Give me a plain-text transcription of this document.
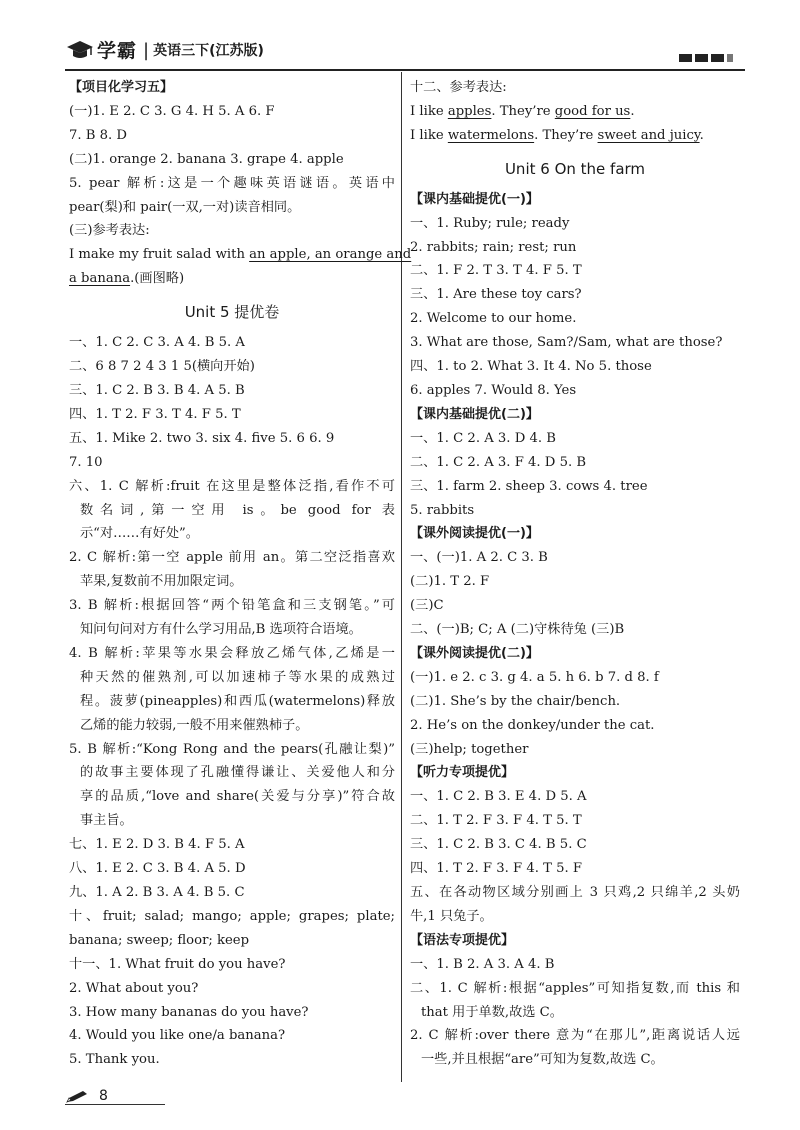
学霸 | 英语三下(江苏版)
【项目化学习五】
(一)1. E 2. C 3. G 4. H 5. A 6. F
7. B 8. D
(二)1. orange 2. banana 3. grape 4. apple
5. pear 解析:这是一个趣味英语谜语。英语中
pear(梨)和 pair(一双,一对)读音相同。
(三)参考表达:
I make my fruit salad with an apple, an orange and
a banana.(画图略)
Unit 5 提优卷
一、1. C 2. C 3. A 4. B 5. A
二、6 8 7 2 4 3 1 5(横向开始)
三、1. C 2. B 3. B 4. A 5. B
四、1. T 2. F 3. T 4. F 5. T
五、1. Mike 2. two 3. six 4. five 5. 6 6. 9
7. 10
六、1. C 解析:fruit 在这里是整体泛指,看作不可
数名词,第一空用 is。be good for 表
示“对……有好处”。
2. C 解析:第一空 apple 前用 an。第二空泛指喜欢
苹果,复数前不用加限定词。
3. B 解析:根据回答“两个铅笔盒和三支钢笔。”可
知问句问对方有什么学习用品,B 选项符合语境。
4. B 解析:苹果等水果会释放乙烯气体,乙烯是一
种天然的催熟剂,可以加速柿子等水果的成熟过
程。菠萝(pineapples)和西瓜(watermelons)释放
乙烯的能力较弱,一般不用来催熟柿子。
5. B 解析:“Kong Rong and the pears(孔融让梨)”
的故事主要体现了孔融懂得谦让、关爱他人和分
享的品质,“love and share(关爱与分享)”符合故
事主旨。
七、1. E 2. D 3. B 4. F 5. A
八、1. E 2. C 3. B 4. A 5. D
九、1. A 2. B 3. A 4. B 5. C
十、fruit; salad; mango; apple; grapes; plate;
banana; sweep; floor; keep
十一、1. What fruit do you have?
2. What about you?
3. How many bananas do you have?
4. Would you like one/a banana?
5. Thank you.
十二、参考表达:
I like apples. They’re good for us.
I like watermelons. They’re sweet and juicy.
Unit 6 On the farm
【课内基础提优(一)】
一、1. Ruby; rule; ready
2. rabbits; rain; rest; run
二、1. F 2. T 3. T 4. F 5. T
三、1. Are these toy cars?
2. Welcome to our home.
3. What are those, Sam?/Sam, what are those?
四、1. to 2. What 3. It 4. No 5. those
6. apples 7. Would 8. Yes
【课内基础提优(二)】
一、1. C 2. A 3. D 4. B
二、1. C 2. A 3. F 4. D 5. B
三、1. farm 2. sheep 3. cows 4. tree
5. rabbits
【课外阅读提优(一)】
一、(一)1. A 2. C 3. B
(二)1. T 2. F
(三)C
二、(一)B; C; A (二)守株待兔 (三)B
【课外阅读提优(二)】
(一)1. e 2. c 3. g 4. a 5. h 6. b 7. d 8. f
(二)1. She’s by the chair/bench.
2. He’s on the donkey/under the cat.
(三)help; together
【听力专项提优】
一、1. C 2. B 3. E 4. D 5. A
二、1. T 2. F 3. F 4. T 5. T
三、1. C 2. B 3. C 4. B 5. C
四、1. T 2. F 3. F 4. T 5. F
五、在各动物区域分别画上 3 只鸡,2 只绵羊,2 头奶
牛,1 只兔子。
【语法专项提优】
一、1. B 2. A 3. A 4. B
二、1. C 解析:根据“apples”可知指复数,而 this 和
that 用于单数,故选 C。
2. C 解析:over there 意为“在那儿”,距离说话人远
一些,并且根据“are”可知为复数,故选 C。
8
